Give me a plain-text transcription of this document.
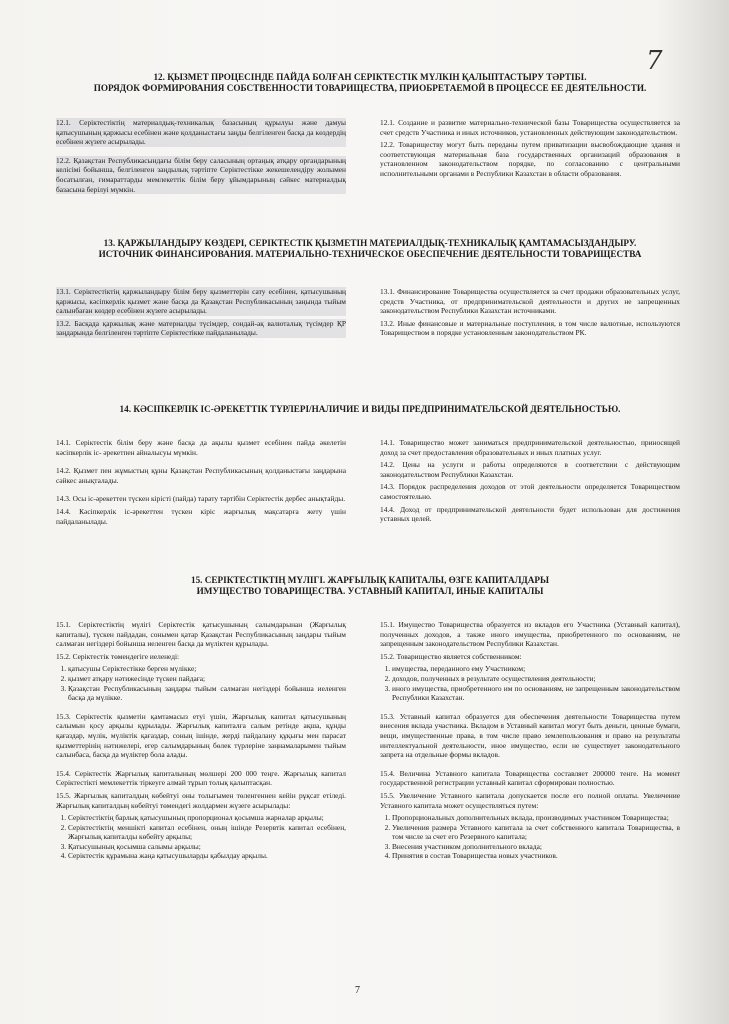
7
12. ҚЫЗМЕТ ПРОЦЕСІНДЕ ПАЙДА БОЛҒАН СЕРІКТЕСТІК МҮЛКІН ҚАЛЫПТАСТЫРУ ТӘРТІБІ.
ПОРЯДОК ФОРМИРОВАНИЯ СОБСТВЕННОСТИ ТОВАРИЩЕСТВА, ПРИОБРЕТАЕМОЙ В ПРОЦЕССЕ ЕЕ ДЕЯТЕЛЬНОСТИ.

12.1. Серіктестіктің материалдық-техникалық базасының құрылуы және дамуы қатысушының қаржысы есебінен және қолданыстағы заңды белгіленген басқа да көздердің есебінен жүзеге асырылады.

12.2. Қазақстан Республикасындағы білім беру саласының ортаңық атқару органдарының келісімі бойынша, белгіленген заңдылық тәртіпте Серіктестікке жекешелендіру жолымен босатылған, ғимараттарды мемлекеттік білім беру ұйымдарының сәйкес материалдық базасына берілуі мүмкін.

12.1. Создание и развитие материально-технической базы Товарищества осуществляется за счет средств Участника и иных источников, установленных действующим законодательством.

12.2. Товариществу могут быть переданы путем приватизации высвобождающие здания и соответствующая материальная база государственных организаций образования в установленном законодательством порядке, по согласованию с центральными исполнительными органами в Республики Казахстан в области образования.

13. ҚАРЖЫЛАНДЫРУ КӨЗДЕРІ, СЕРІКТЕСТІК ҚЫЗМЕТІН МАТЕРИАЛДЫҚ-ТЕХНИКАЛЫҚ ҚАМТАМАСЫЗДАНДЫРУ.
ИСТОЧНИК ФИНАНСИРОВАНИЯ. МАТЕРИАЛЬНО-ТЕХНИЧЕСКОЕ ОБЕСПЕЧЕНИЕ ДЕЯТЕЛЬНОСТИ ТОВАРИЩЕСТВА

13.1. Серіктестіктің қаржыландыру білім беру қызметтерін сату есебінен, қатысушының қаржысы, кәсіпкерлік қызмет және басқа да Қазақстан Республикасының заңында тыйым салынбаған көздер есебінен жүзеге асырылады.

13.2. Басқада қаржылық және материалды түсімдер, сондай-ақ валюталық түсімдер ҚР заңдарында белгіленген тәртіпте Серіктестікке пайдаланылады.

13.1. Финансирование Товарищества осуществляется за счет продажи образовательных услуг, средств Участника, от предпринимательской деятельности и других не запрещенных законодательством Республики Казахстан источниками.

13.2. Иные финансовые и материальные поступления, в том числе валютные, используются Товариществом в порядке установленным законодательством РК.

14. КӘСІПКЕРЛІК ІС-ӘРЕКЕТТІК ТҮРЛЕРІ/НАЛИЧИЕ И ВИДЫ ПРЕДПРИНИМАТЕЛЬСКОЙ ДЕЯТЕЛЬНОСТЬЮ.

14.1. Серіктестік білім беру және басқа да ақылы қызмет есебінен пайда әкелетін кәсіпкерлік іс- әрекетпен айналысуы мүмкін.

14.2. Қызмет пен жұмыстың құны Қазақстан Республикасының қолданыстағы заңдарына сәйкес анықталады.

14.3. Осы іс-әрекеттен түскен кірісті (пайда) тарату тәртібін Серіктестік дербес анықтайды.

14.4. Кәсіпкерлік іс-әрекеттен түскен кіріс жарғылық мақсатарға жету үшін пайдаланылады.

14.1. Товарищество может заниматься предпринимательской деятельностью, приносящей доход за счет предоставления образовательных и иных платных услуг.

14.2. Цены на услуги и работы определяются в соответствии с действующим законодательством Республики Казахстан.

14.3. Порядок распределения доходов от этой деятельности определяется Товариществом самостоятельно.

14.4. Доход от предпринимательской деятельности будет использован для достижения уставных целей.

15. СЕРІКТЕСТІКТІҢ МҮЛІГІ. ЖАРҒЫЛЫҚ КАПИТАЛЫ, ӨЗГЕ КАПИТАЛДАРЫ
ИМУЩЕСТВО ТОВАРИЩЕСТВА. УСТАВНЫЙ КАПИТАЛ, ИНЫЕ КАПИТАЛЫ

15.1. Серіктестіктің мүлігі Серіктестік қатысушының салымдарынан (Жарғылық капиталы), түскен пайдадан, сонымен қатар Қазақстан Республикасының заңдары тыйым салмаған негіздері бойынша иеленген басқа да мүліктен құрылады.

15.2. Серіктестік төмендегіге иеленеді:

1. қатысушы Серіктестікке берген мүлікке;
2. қызмет атқару нәтижесінде түскен пайдаға;
3. Қазақстан Республикасының заңдары тыйым салмаған негіздері бойынша иеленген басқа да мүлікке.

15.3. Серіктестік қызметін қамтамасыз етуі үшін, Жарғылық капитал қатысушының салымын қосу арқылы құрылады. Жарғылық капиталға салым ретінде ақша, құнды қағаздар, мүлік, мүліктік қағаздар, соның ішінде, жерді пайдалану құқығы мен парасат қызметтерінің нәтижелері, егер салымдарының бөлек түрлеріне заңнамаларымен тыйым салынбаса, басқа да мүліктер бола алады.

15.4. Серіктестік Жарғылық капиталының мөлшері 200 000 теңге. Жарғылық капитал Серіктестікті мемлекеттік тіркеуге алмай тұрып толық қалыптасқан.

15.5. Жарғылық капиталдың көбейтуі оны толығымен төленгеннен кейін рұқсат етіледі. Жарғылық капиталдың көбейтуі төмендегі жолдармен жүзеге асырылады:

1. Серіктестіктің барлық қатысушының пропорционал қосымша жарналар арқылы;
2. Серіктестіктің меншікті капитал есебінен, оның ішінде Резервтік капитал есебінен, Жарғылық капиталды көбейту арқылы;
3. Қатысушының қосымша салымы арқылы;
4. Серіктестік құрамына жаңа қатысушыларды қабылдау арқылы.

15.1. Имущество Товарищества образуется из вкладов его Участника (Уставный капитал), полученных доходов, а также иного имущества, приобретенного по основаниям, не запрещенным законодательством Республики Казахстан.

15.2. Товарищество является собственником:

1. имущества, переданного ему Участником;
2. доходов, полученных в результате осуществления деятельности;
3. иного имущества, приобретенного им по основаниям, не запрещенным законодательством Республики Казахстан.

15.3. Уставный капитал образуется для обеспечения деятельности Товарищества путем внесения вклада участника. Вкладом в Уставный капитал могут быть деньги, ценные бумаги, вещи, имущественные права, в том числе право землепользования и право на результаты интеллектуальной деятельности, иное имущество, если не существует законодательного запрета на отдельные формы вкладов.

15.4. Величина Уставного капитала Товарищества составляет 200000 тенге. На момент государственной регистрации уставный капитал сформирован полностью.

15.5. Увеличение Уставного капитала допускается после его полной оплаты. Увеличение Уставного капитала может осуществляться путем:

1. Пропорциональных дополнительных вклада, производимых участником Товарищества;
2. Увеличения размера Уставного капитала за счет собственного капитала Товарищества, в том числе за счет его Резервного капитала;
3. Внесения участником дополнительного вклада;
4. Принятия в состав Товарищества новых участников.
7
